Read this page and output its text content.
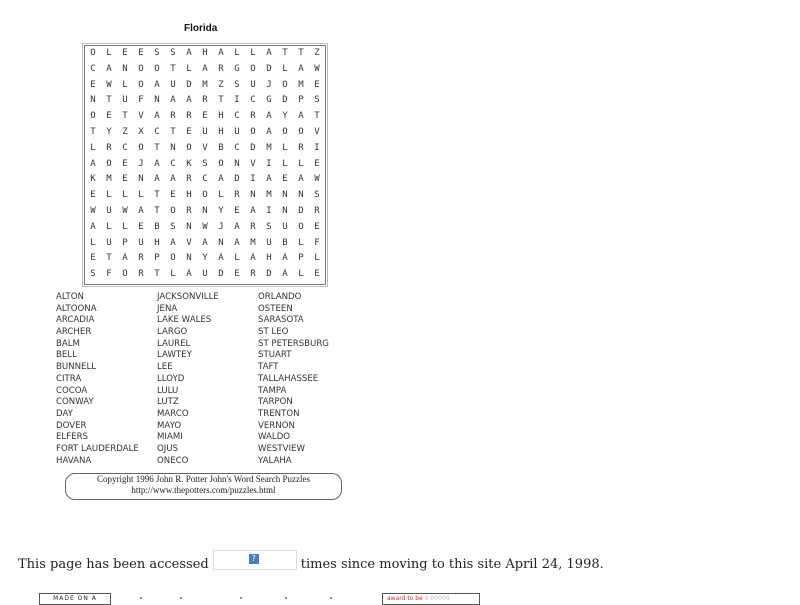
Florida
O	L	E	E	S	S	A	H	A	L	L	A	T	T	Z
C	A	N	O	O	T	L	A	R	G	O	D	L	A	W
E	W	L	O	A	U	D	M	Z	S	U	J	O	M	E
N	T	U	F	N	A	A	R	T	I	C	G	D	P	S
O	E	T	V	A	R	R	E	H	C	R	A	Y	A	T
T	Y	Z	X	C	T	E	U	H	U	O	A	O	O	V
L	R	C	O	T	N	O	V	B	C	D	M	L	R	I
A	O	E	J	A	C	K	S	O	N	V	I	L	L	E
K	M	E	N	A	A	R	C	A	D	I	A	E	A	W
E	L	L	L	T	E	H	O	L	R	N	M	N	N	S
W	U	W	A	T	O	R	N	Y	E	A	I	N	D	R
A	L	L	E	B	S	N	W	J	A	R	S	U	O	E
L	U	P	U	H	A	V	A	N	A	M	U	B	L	F
E	T	A	R	P	O	N	Y	A	L	A	H	A	P	L
S	F	O	R	T	L	A	U	D	E	R	D	A	L	E
ALTON
ALTOONA
ARCADIA
ARCHER
BALM
BELL
BUNNELL
CITRA
COCOA
CONWAY
DAY
DOVER
ELFERS
FORT LAUDERDALE
HAVANA
JACKSONVILLE
JENA
LAKE WALES
LARGO
LAUREL
LAWTEY
LEE
LLOYD
LULU
LUTZ
MARCO
MAYO
MIAMI
OJUS
ONECO
ORLANDO
OSTEEN
SARASOTA
ST LEO
ST PETERSBURG
STUART
TAFT
TALLAHASSEE
TAMPA
TARPON
TRENTON
VERNON
WALDO
WESTVIEW
YALAHA
Copyright 1996 John R. Potter John's Word Search Puzzles
http://www.thepotters.com/puzzles.html
This page has been accessed	?	times since moving to this site April 24, 1998.
MADE ON A	award to be 0 00000
